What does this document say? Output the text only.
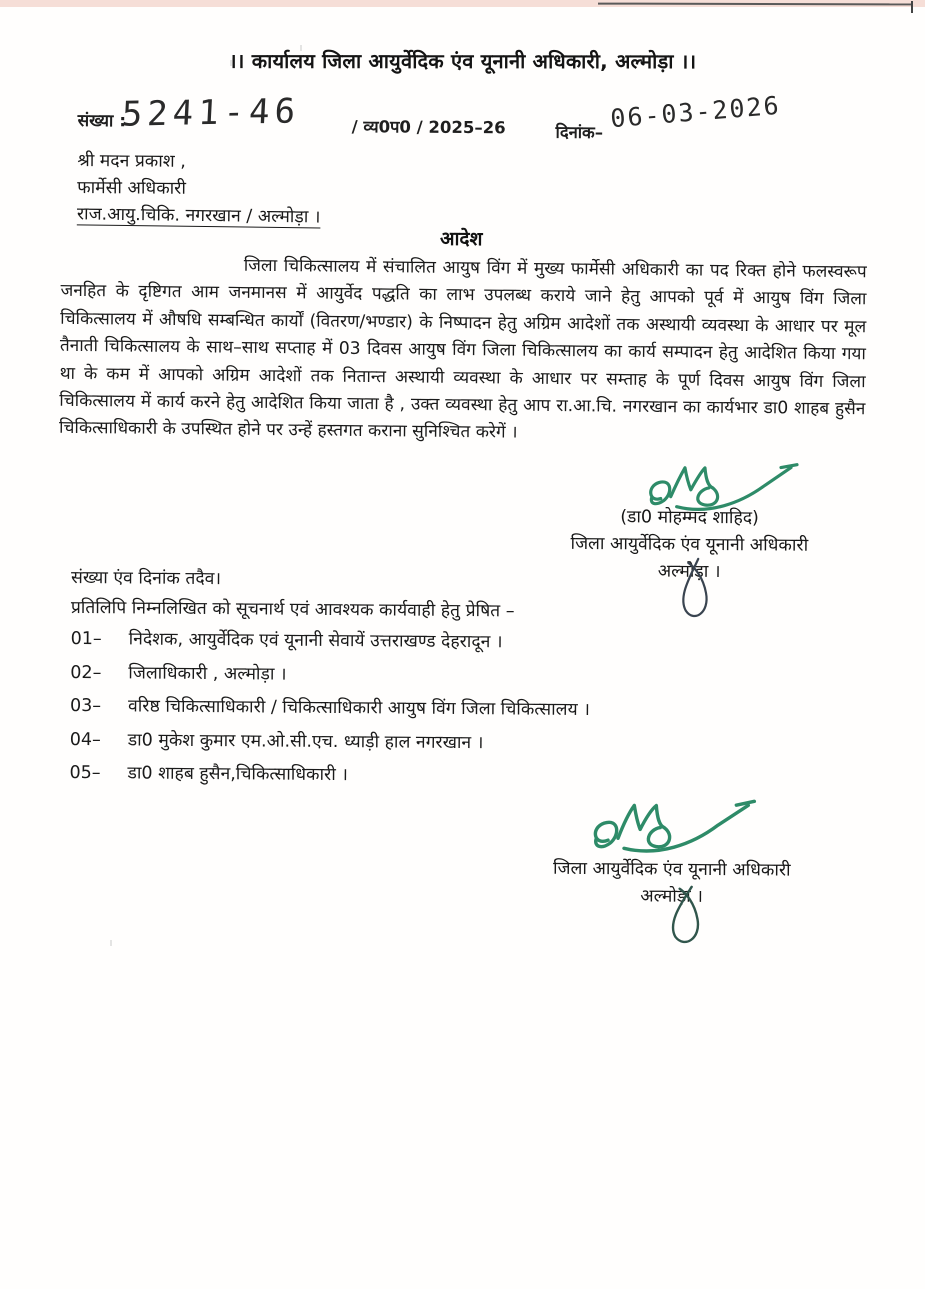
।। कार्यालय जिला आयुर्वेदिक एंव यूनानी अधिकारी, अल्मोड़ा ।।
संख्या :
5241-46	/ व्य0प0 / 2025–26	दिनांक– 06-03-2026
श्री मदन प्रकाश ,
फार्मेसी अधिकारी
राज.आयु.चिकि. नगरखान / अल्मोड़ा ।
आदेश
जिला चिकित्सालय में संचालित आयुष विंग में मुख्य फार्मेसी अधिकारी का पद रिक्त होने फलस्वरूप जनहित के दृष्टिगत आम जनमानस में आयुर्वेद पद्धति का लाभ उपलब्ध कराये जाने हेतु आपको पूर्व में आयुष विंग जिला चिकित्सालय में औषधि सम्बन्धित कार्यों (वितरण/भण्डार) के निष्पादन हेतु अग्रिम आदेशों तक अस्थायी व्यवस्था के आधार पर मूल तैनाती चिकित्सालय के साथ–साथ सप्ताह में 03 दिवस आयुष विंग जिला चिकित्सालय का कार्य सम्पादन हेतु आदेशित किया गया था के कम में आपको अग्रिम आदेशों तक नितान्त अस्थायी व्यवस्था के आधार पर सम्ताह के पूर्ण दिवस आयुष विंग जिला चिकित्सालय में कार्य करने हेतु आदेशित किया जाता है , उक्त व्यवस्था हेतु आप रा.आ.चि. नगरखान का कार्यभार डा0 शाहब हुसैन चिकित्साधिकारी के उपस्थित होने पर उन्हें हस्तगत कराना सुनिश्चित करेगें ।
(डा0 मोहम्मद शाहिद)
जिला आयुर्वेदिक एंव यूनानी अधिकारी
अल्मोड़ा ।
संख्या एंव दिनांक तदैव।
प्रतिलिपि निम्नलिखित को सूचनार्थ एवं आवश्यक कार्यवाही हेतु प्रेषित –
01–	निदेशक, आयुर्वेदिक एवं यूनानी सेवायें उत्तराखण्ड देहरादून ।
02–	जिलाधिकारी , अल्मोड़ा ।
03–	वरिष्ठ चिकित्साधिकारी / चिकित्साधिकारी आयुष विंग जिला चिकित्सालय ।
04–	डा0 मुकेश कुमार एम.ओ.सी.एच. ध्याड़ी हाल नगरखान ।
05–	डा0 शाहब हुसैन,चिकित्साधिकारी ।
जिला आयुर्वेदिक एंव यूनानी अधिकारी
अल्मोड़ा ।
